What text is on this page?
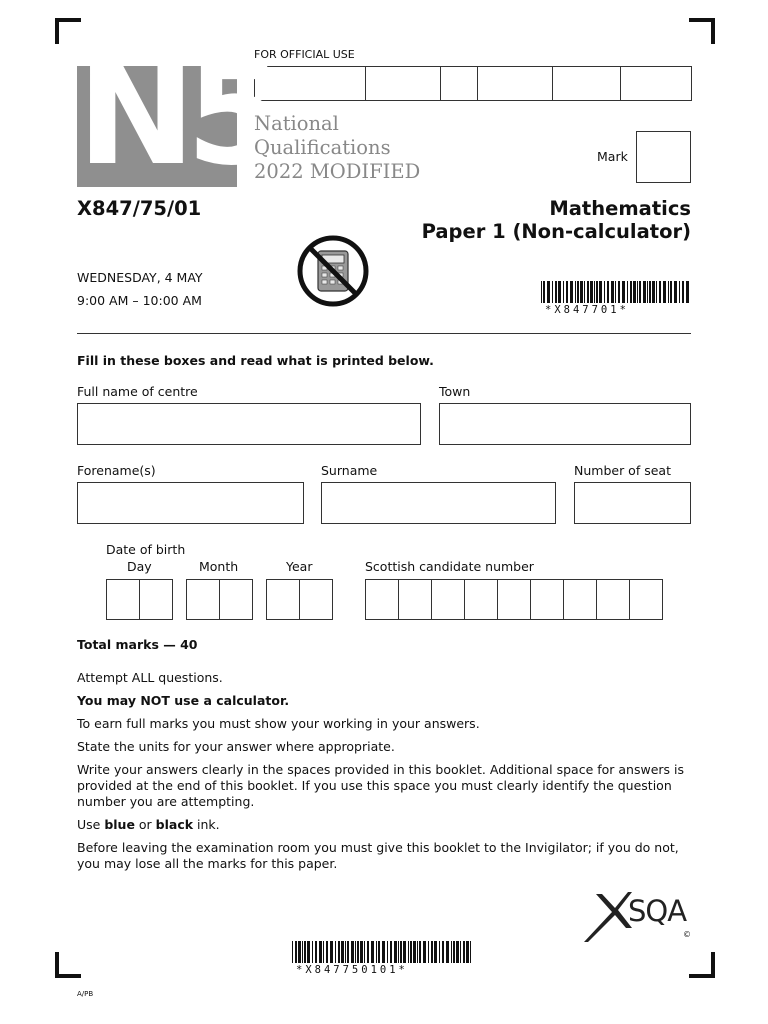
FOR OFFICIAL USE
N5
National
Qualifications
2022 MODIFIED
Mark
X847/75/01	Mathematics
Paper 1 (Non-calculator)
WEDNESDAY, 4 MAY
9:00 AM – 10:00 AM
*X847701*
Fill in these boxes and read what is printed below.
Full name of centre	Town
Forename(s)	Surname	Number of seat
Date of birth
Day	Month	Year	Scottish candidate number

Total marks — 40

Attempt ALL questions.

You may NOT use a calculator.

To earn full marks you must show your working in your answers.

State the units for your answer where appropriate.

Write your answers clearly in the spaces provided in this booklet. Additional space for answers is provided at the end of this booklet. If you use this space you must clearly identify the question number you are attempting.

Use blue or black ink.

Before leaving the examination room you must give this booklet to the Invigilator; if you do not, you may lose all the marks for this paper.

SQA
©
*X847750101*
A/PB
